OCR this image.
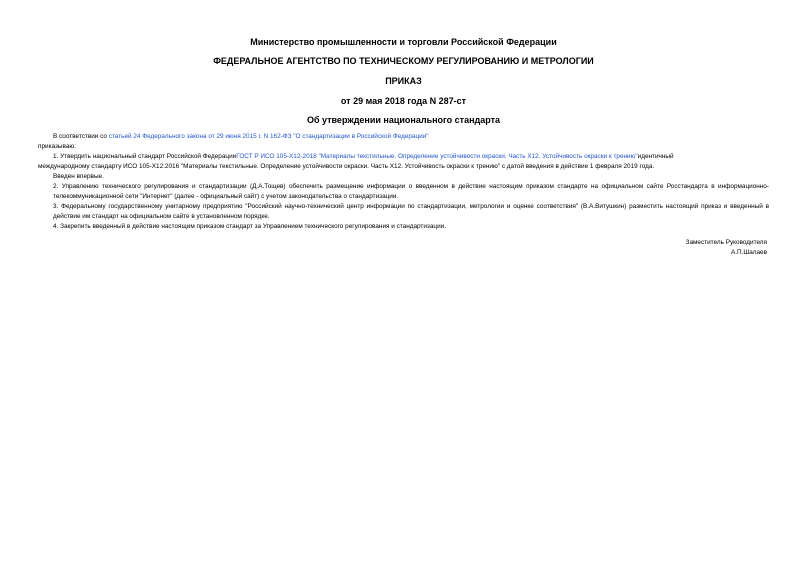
Министерство промышленности и торговли Российской Федерации
ФЕДЕРАЛЬНОЕ АГЕНТСТВО ПО ТЕХНИЧЕСКОМУ РЕГУЛИРОВАНИЮ И МЕТРОЛОГИИ
ПРИКАЗ
от 29 мая 2018 года N 287-ст
Об утверждении национального стандарта
В соответствии со статьей 24 Федерального закона от 29 июня 2015 г. N 162-ФЗ "О стандартизации в Российской Федерации"
приказываю:
1. Утвердить национальный стандарт Российской ФедерацииГОСТ Р ИСО 105-X12-2018 "Материалы текстильные. Определение устойчивости окраски. Часть X12. Устойчивость окраски к трению"идентичный
международному стандарту ИСО 105-X12:2016 "Материалы текстильные. Определение устойчивости окраски. Часть X12. Устойчивость окраски к трению" с датой введения в действие 1 февраля 2019 года.
Введен впервые.
2. Управлению технического регулирования и стандартизации (Д.А.Тощев) обеспечить размещение информации о введенном в действие настоящим приказом стандарте на официальном сайте Росстандарта в информационно-телекоммуникационной сети "Интернет" (далее - официальный сайт) с учетом законодательства о стандартизации.
3. Федеральному государственному унитарному предприятию "Российский научно-технический центр информации по стандартизации, метрологии и оценке соответствия" (В.А.Витушкин) разместить настоящий приказ и введенный в действие им стандарт на официальном сайте в установленном порядке.
4. Закрепить введенный в действие настоящим приказом стандарт за Управлением технического регулирования и стандартизации.
Заместитель Руководителя
А.П.Шалаев
